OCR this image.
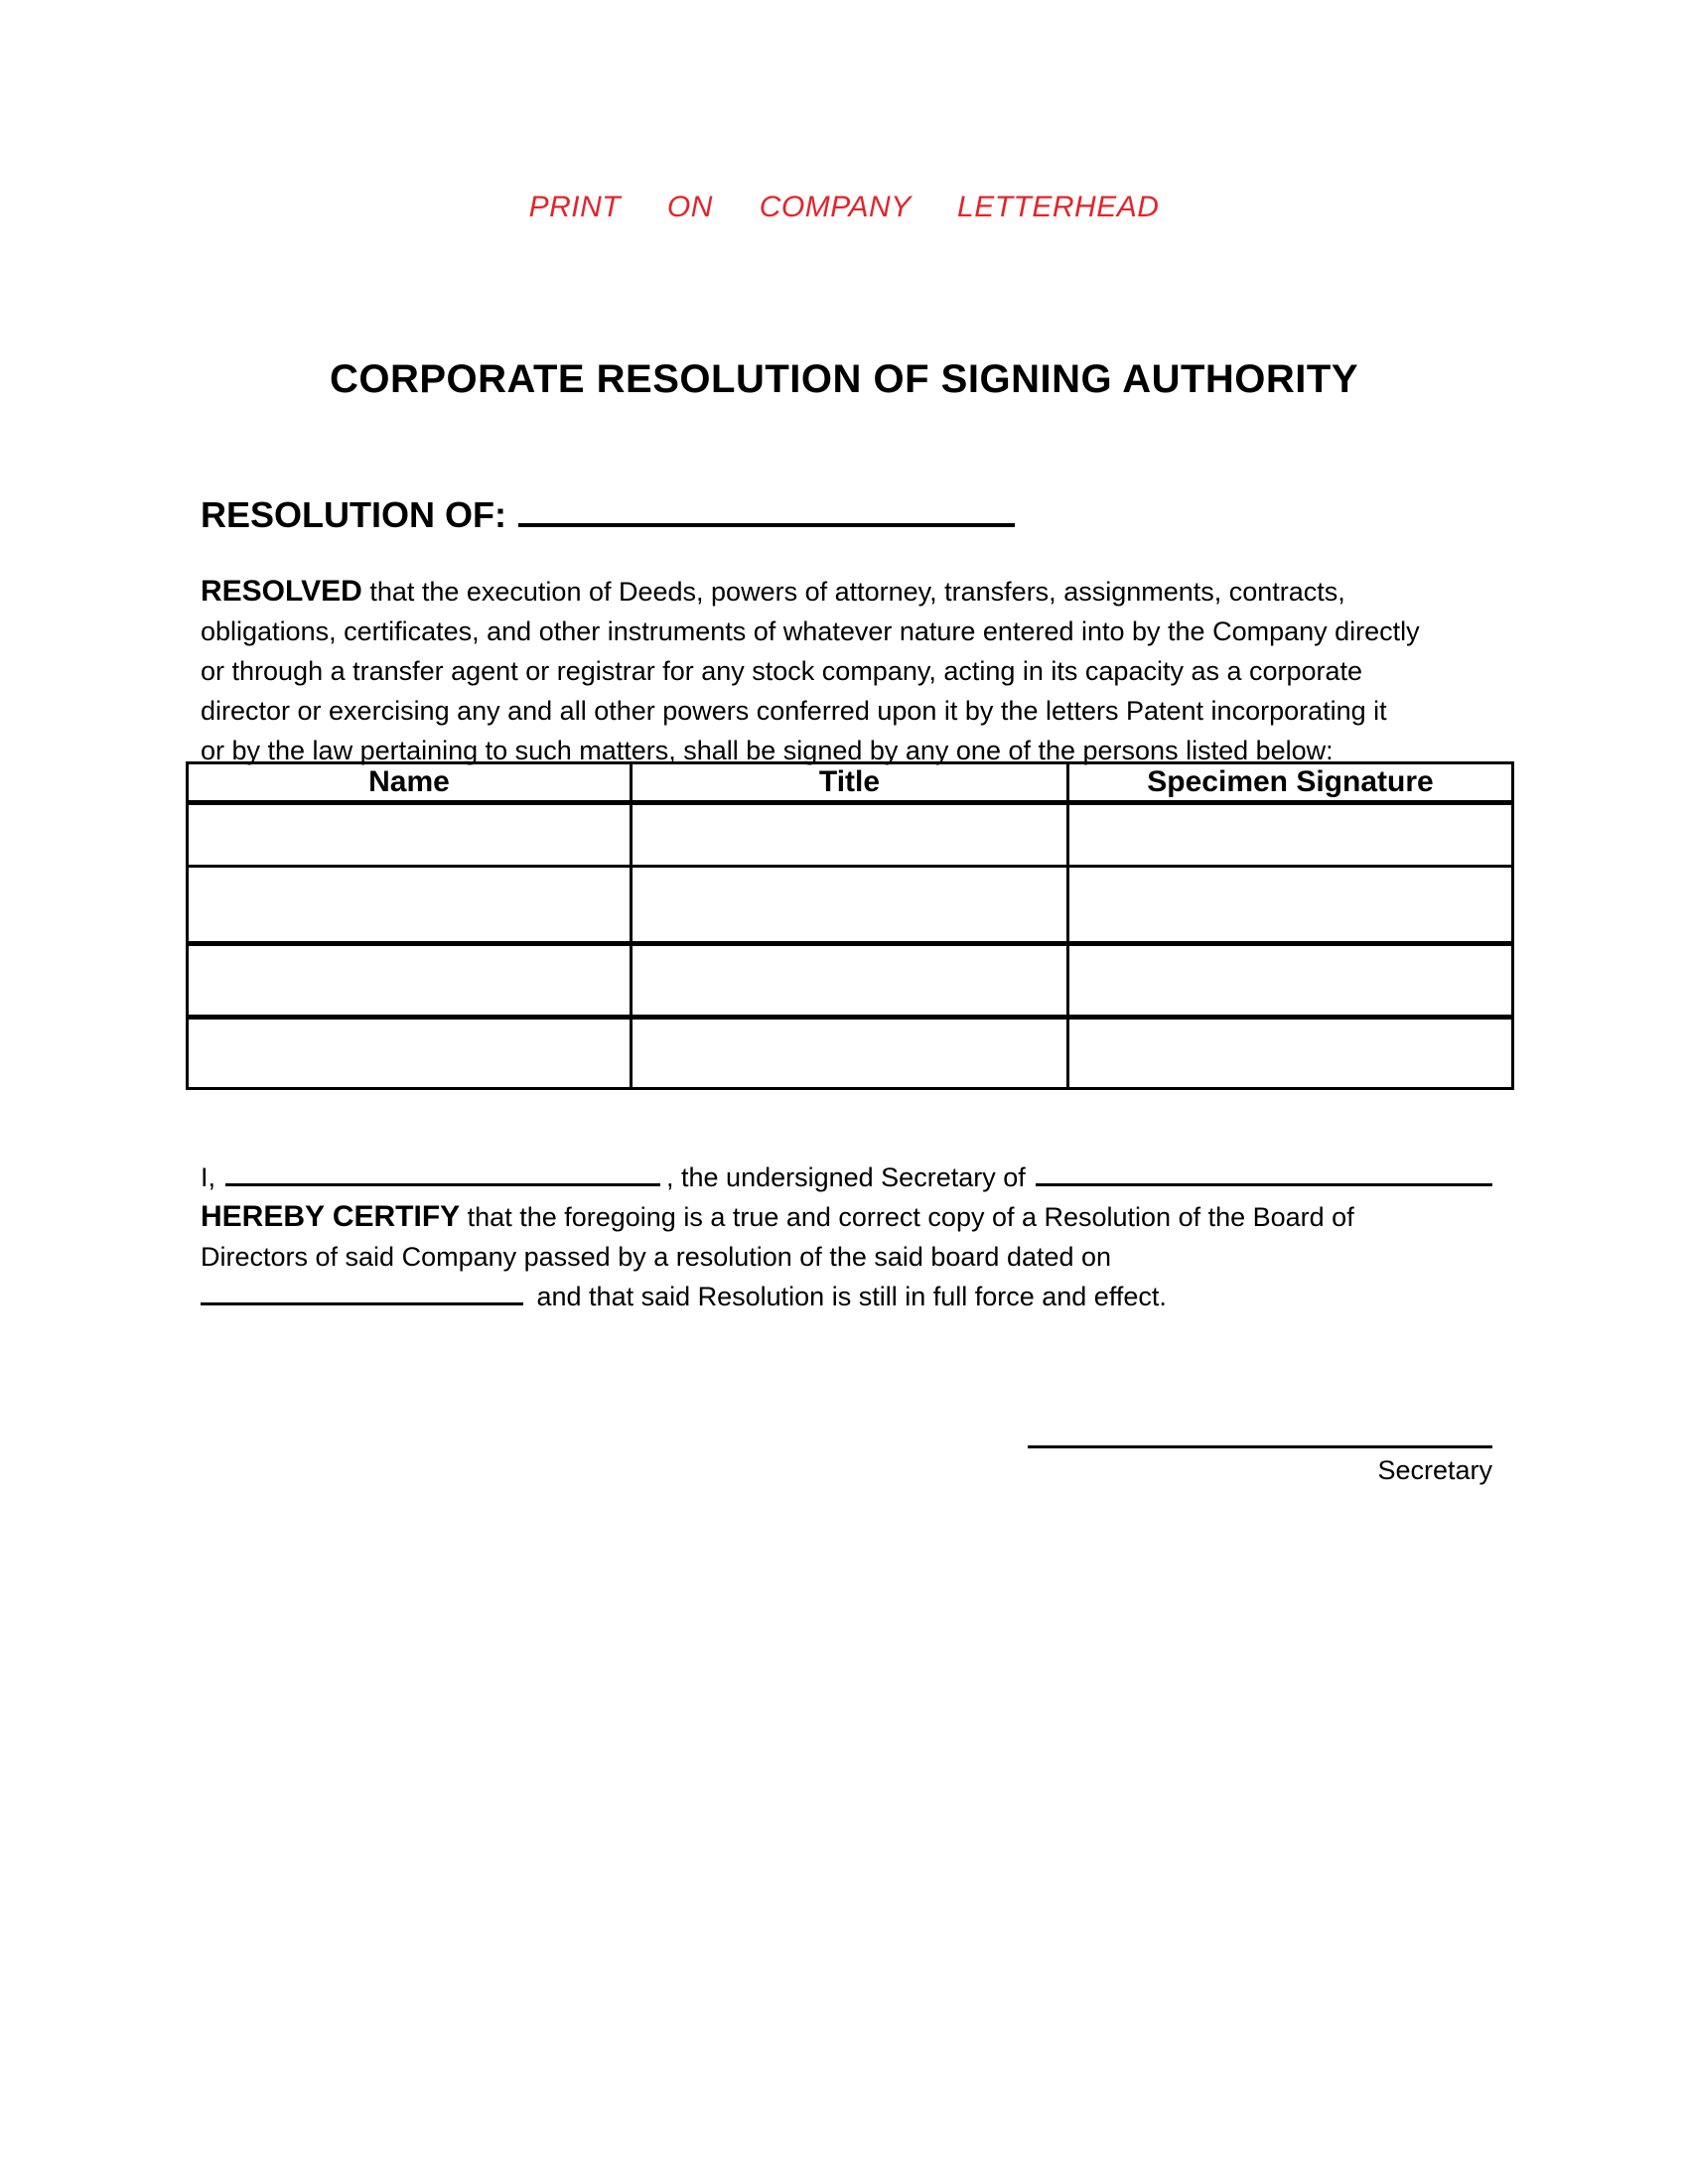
PRINT ON COMPANY LETTERHEAD
CORPORATE RESOLUTION OF SIGNING AUTHORITY
RESOLUTION OF:
RESOLVED that the execution of Deeds, powers of attorney, transfers, assignments, contracts,
obligations, certificates, and other instruments of whatever nature entered into by the Company directly
or through a transfer agent or registrar for any stock company, acting in its capacity as a corporate
director or exercising any and all other powers conferred upon it by the letters Patent incorporating it
or by the law pertaining to such matters, shall be signed by any one of the persons listed below:
Name	Title	Specimen Signature

I,	, the undersigned Secretary of
HEREBY CERTIFY that the foregoing is a true and correct copy of a Resolution of the Board of
Directors of said Company passed by a resolution of the said board dated on
and that said Resolution is still in full force and effect.
Secretary
